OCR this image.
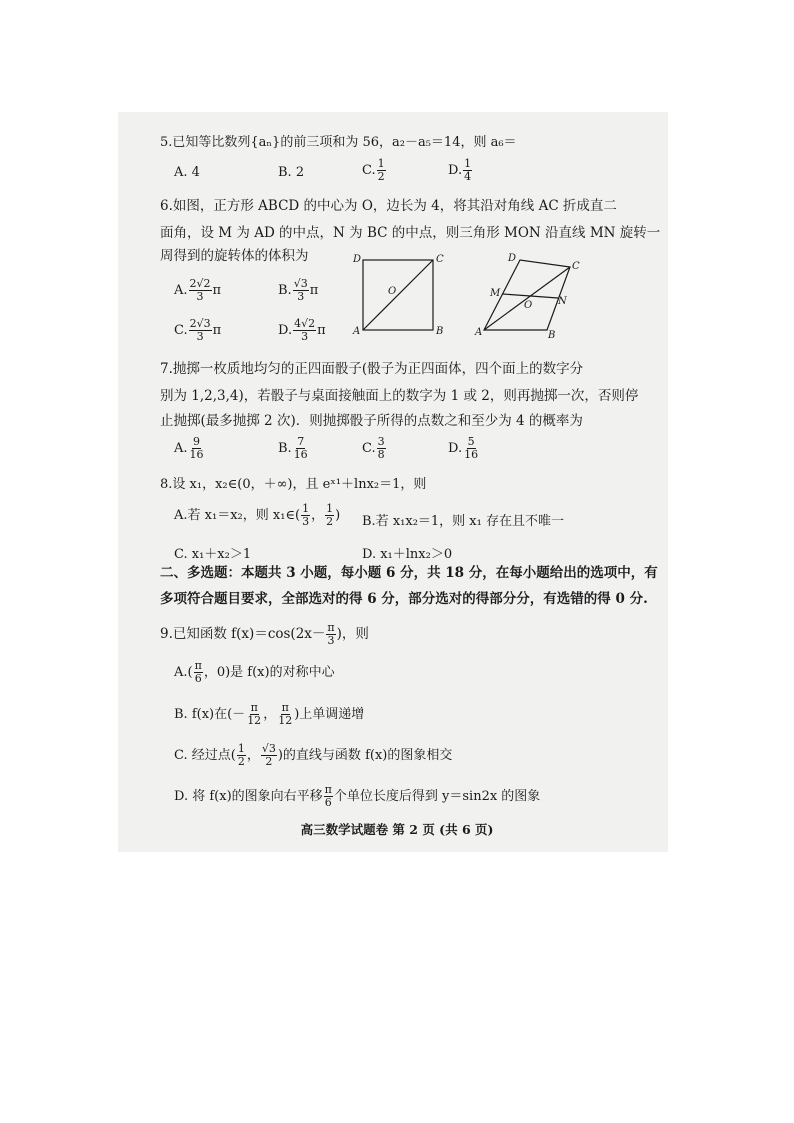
5.已知等比数列{aₙ}的前三项和为 56，a₂－a₅＝14，则 a₆＝
A. 4	B. 2	C. $\frac{1}{2}$	D. $\frac{1}{4}$
6.如图，正方形 ABCD 的中心为 O，边长为 4，将其沿对角线 AC 折成直二
面角，设 M 为 AD 的中点，N 为 BC 的中点，则三角形 MON 沿直线 MN 旋转一
周得到的旋转体的体积为
A. $\frac{2√2}{3}$ π	B. $\frac{√3}{3}$ π
C. $\frac{2√3}{3}$ π	D. $\frac{4√2}{3}$ π
D	C
A	B
O
D
C
M
N
O
A	B
7.抛掷一枚质地均匀的正四面骰子(骰子为正四面体，四个面上的数字分
别为 1,2,3,4)，若骰子与桌面接触面上的数字为 1 或 2，则再抛掷一次，否则停
止抛掷(最多抛掷 2 次)．则抛掷骰子所得的点数之和至少为 4 的概率为
A. $\frac{9}{16}$	B. $\frac{7}{16}$	C. $\frac{3}{8}$	D. $\frac{5}{16}$
8.设 x₁，x₂∈(0，＋∞)，且 eˣ¹＋lnx₂＝1，则
A.若 x₁＝x₂，则 x₁∈( $\frac{1}{3}$ ， $\frac{1}{2}$ ) B.若 x₁x₂＝1，则 x₁ 存在且不唯一
C. x₁＋x₂＞1	D. x₁＋lnx₂＞0
二、多选题：本题共 3 小题，每小题 6 分，共 18 分，在每小题给出的选项中，有
多项符合题目要求，全部选对的得 6 分，部分选对的得部分分，有选错的得 0 分.
9.已知函数 $f(x)=\cos(2x- \frac{\pi}{3}$ )，则
$A.( \frac{\pi}{6}$ ，0)是 f(x)的对称中心
B. f(x)在(－ $\frac{\pi}{12}$ ， $\frac{\pi}{12}$ )上单调递增
C. 经过点( $\frac{1}{2}$ ， $\frac{√3}{2}$ )的直线与函数 f(x)的图象相交
D. 将 f(x)的图象向右平移 $\frac{\pi}{6}$ 个单位长度后得到 y＝sin2x 的图象
高三数学试题卷 第 2 页 (共 6 页)
